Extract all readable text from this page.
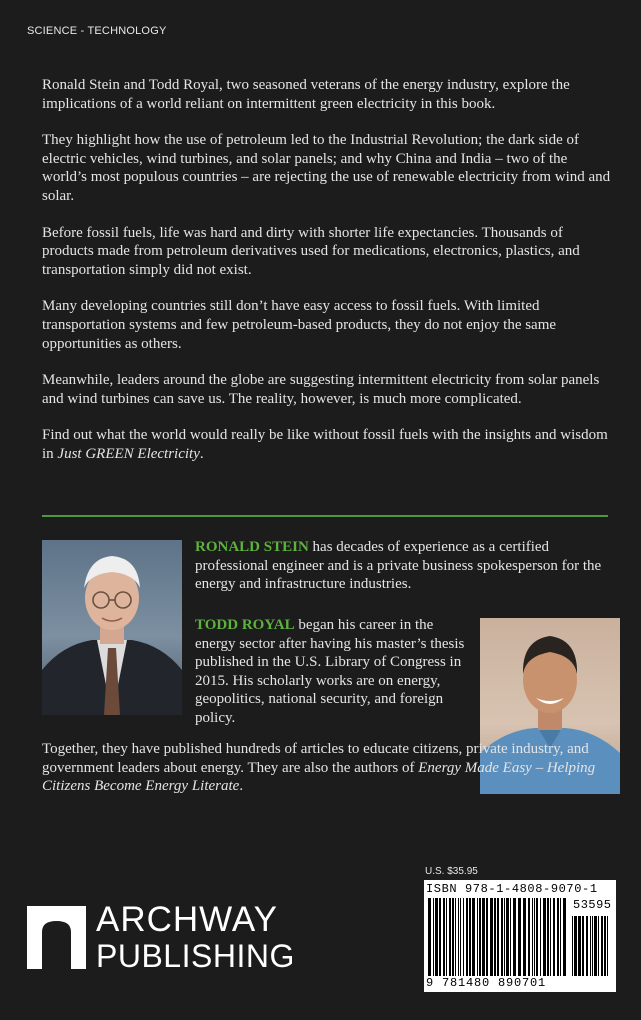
SCIENCE - TECHNOLOGY

Ronald Stein and Todd Royal, two seasoned veterans of the energy industry, explore the implications of a world reliant on intermittent green electricity in this book.

They highlight how the use of petroleum led to the Industrial Revolution; the dark side of electric vehicles, wind turbines, and solar panels; and why China and India – two of the world’s most populous countries – are rejecting the use of renewable electricity from wind and solar.

Before fossil fuels, life was hard and dirty with shorter life expectancies. Thousands of products made from petroleum derivatives used for medications, electronics, plastics, and transportation simply did not exist.

Many developing countries still don’t have easy access to fossil fuels. With limited transportation systems and few petroleum-based products, they do not enjoy the same opportunities as others.

Meanwhile, leaders around the globe are suggesting intermittent electricity from solar panels and wind turbines can save us. The reality, however, is much more complicated.

Find out what the world would really be like without fossil fuels with the insights and wisdom in Just GREEN Electricity.

RONALD STEIN has decades of experience as a certified professional engineer and is a private business spokesperson for the energy and infrastructure industries.
TODD ROYAL began his career in the energy sector after having his master’s thesis published in the U.S. Library of Congress in 2015. His scholarly works are on energy, geopolitics, national security, and foreign policy.
Together, they have published hundreds of articles to educate citizens, private industry, and government leaders about energy. They are also the authors of Energy Made Easy – Helping Citizens Become Energy Literate.
ARCHWAY
PUBLISHING
U.S. $35.95
ISBN 978-1-4808-9070-1
53595
9 781480 890701
